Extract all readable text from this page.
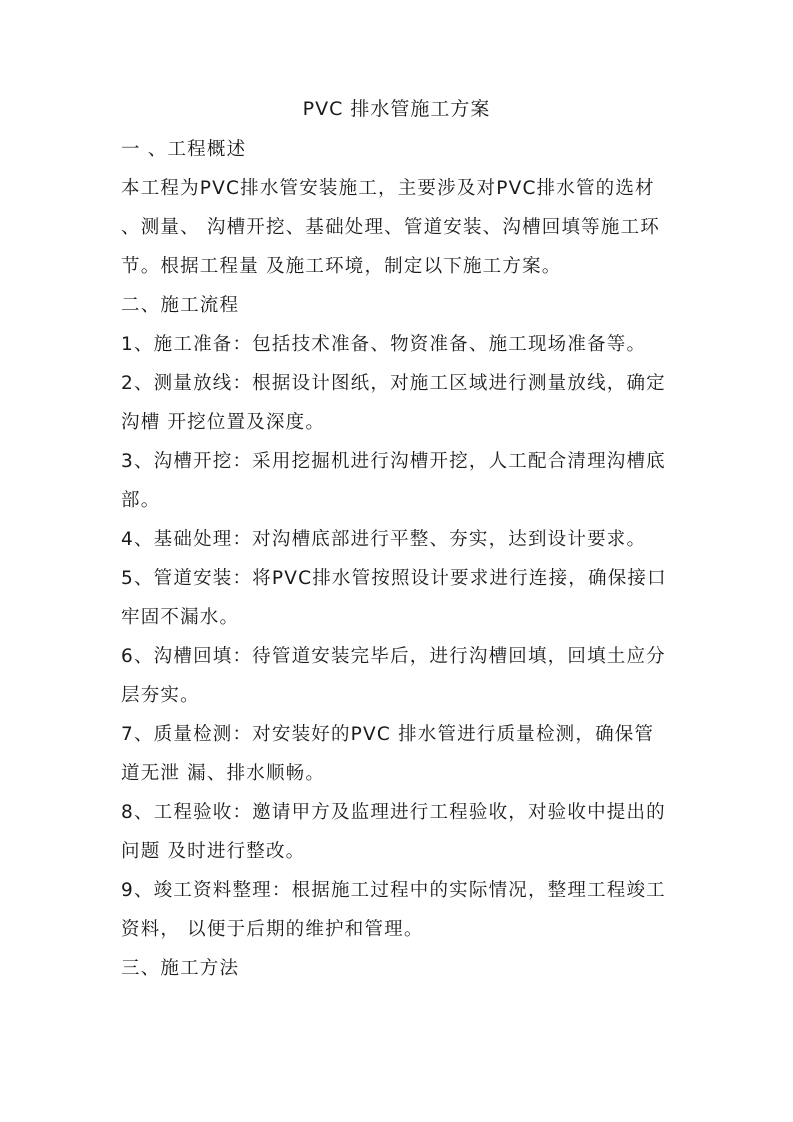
PVC 排水管施工方案
一 、工程概述
本工程为PVC排水管安装施工，主要涉及对PVC排水管的选材
、测量、 沟槽开挖、基础处理、管道安装、沟槽回填等施工环
节。根据工程量 及施工环境，制定以下施工方案。
二、施工流程
1、施工准备：包括技术准备、物资准备、施工现场准备等。
2、测量放线：根据设计图纸，对施工区域进行测量放线，确定
沟槽 开挖位置及深度。
3、沟槽开挖：采用挖掘机进行沟槽开挖，人工配合清理沟槽底
部。
4、基础处理：对沟槽底部进行平整、夯实，达到设计要求。
5、管道安装：将PVC排水管按照设计要求进行连接，确保接口
牢固不漏水。
6、沟槽回填：待管道安装完毕后，进行沟槽回填，回填土应分
层夯实。
7、质量检测：对安装好的PVC 排水管进行质量检测，确保管
道无泄 漏、排水顺畅。
8、工程验收：邀请甲方及监理进行工程验收，对验收中提出的
问题 及时进行整改。
9、竣工资料整理：根据施工过程中的实际情况，整理工程竣工
资料， 以便于后期的维护和管理。
三、施工方法
